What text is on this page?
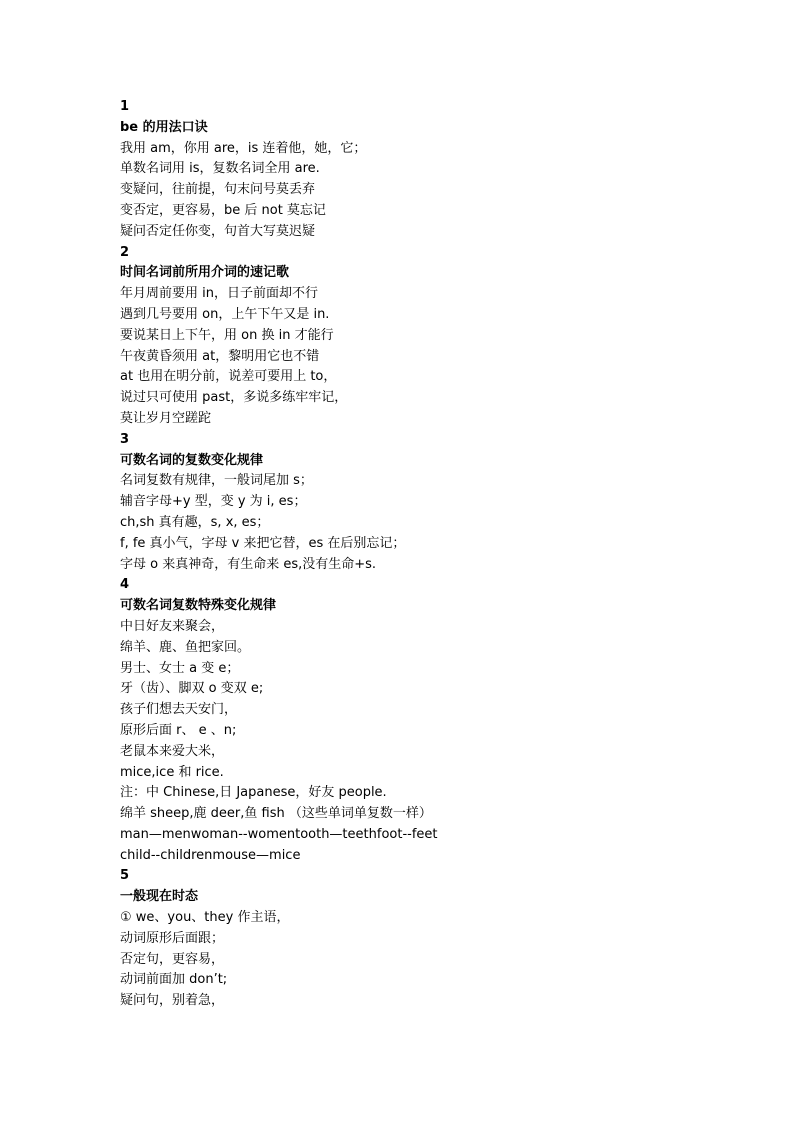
1
be 的用法口诀
我用 am，你用 are，is 连着他，她，它；
单数名词用 is，复数名词全用 are.
变疑问，往前提，句末问号莫丢弃
变否定，更容易，be 后 not 莫忘记
疑问否定任你变，句首大写莫迟疑
2
时间名词前所用介词的速记歌
年月周前要用 in，日子前面却不行
遇到几号要用 on，上午下午又是 in.
要说某日上下午，用 on 换 in 才能行
午夜黄昏须用 at，黎明用它也不错
at 也用在明分前，说差可要用上 to，
说过只可使用 past，多说多练牢牢记，
莫让岁月空蹉跎
3
可数名词的复数变化规律
名词复数有规律，一般词尾加 s；
辅音字母+y 型，变 y 为 i, es；
ch,sh 真有趣，s, x, es；
f, fe 真小气，字母 v 来把它替，es 在后别忘记；
字母 o 来真神奇，有生命来 es,没有生命+s.
4
可数名词复数特殊变化规律
中日好友来聚会，
绵羊、鹿、鱼把家回。
男士、女士 a 变 e；
牙（齿）、脚双 o 变双 e;
孩子们想去天安门，
原形后面 r、 e 、n;
老鼠本来爱大米，
mice,ice 和 rice.
注：中 Chinese,日 Japanese，好友 people.
绵羊 sheep,鹿 deer,鱼 fish （这些单词单复数一样）
man—menwoman--womentooth—teethfoot--feet
child--childrenmouse—mice
5
一般现在时态
① we、you、they 作主语，
动词原形后面跟；
否定句，更容易，
动词前面加 don’t;
疑问句，别着急，
